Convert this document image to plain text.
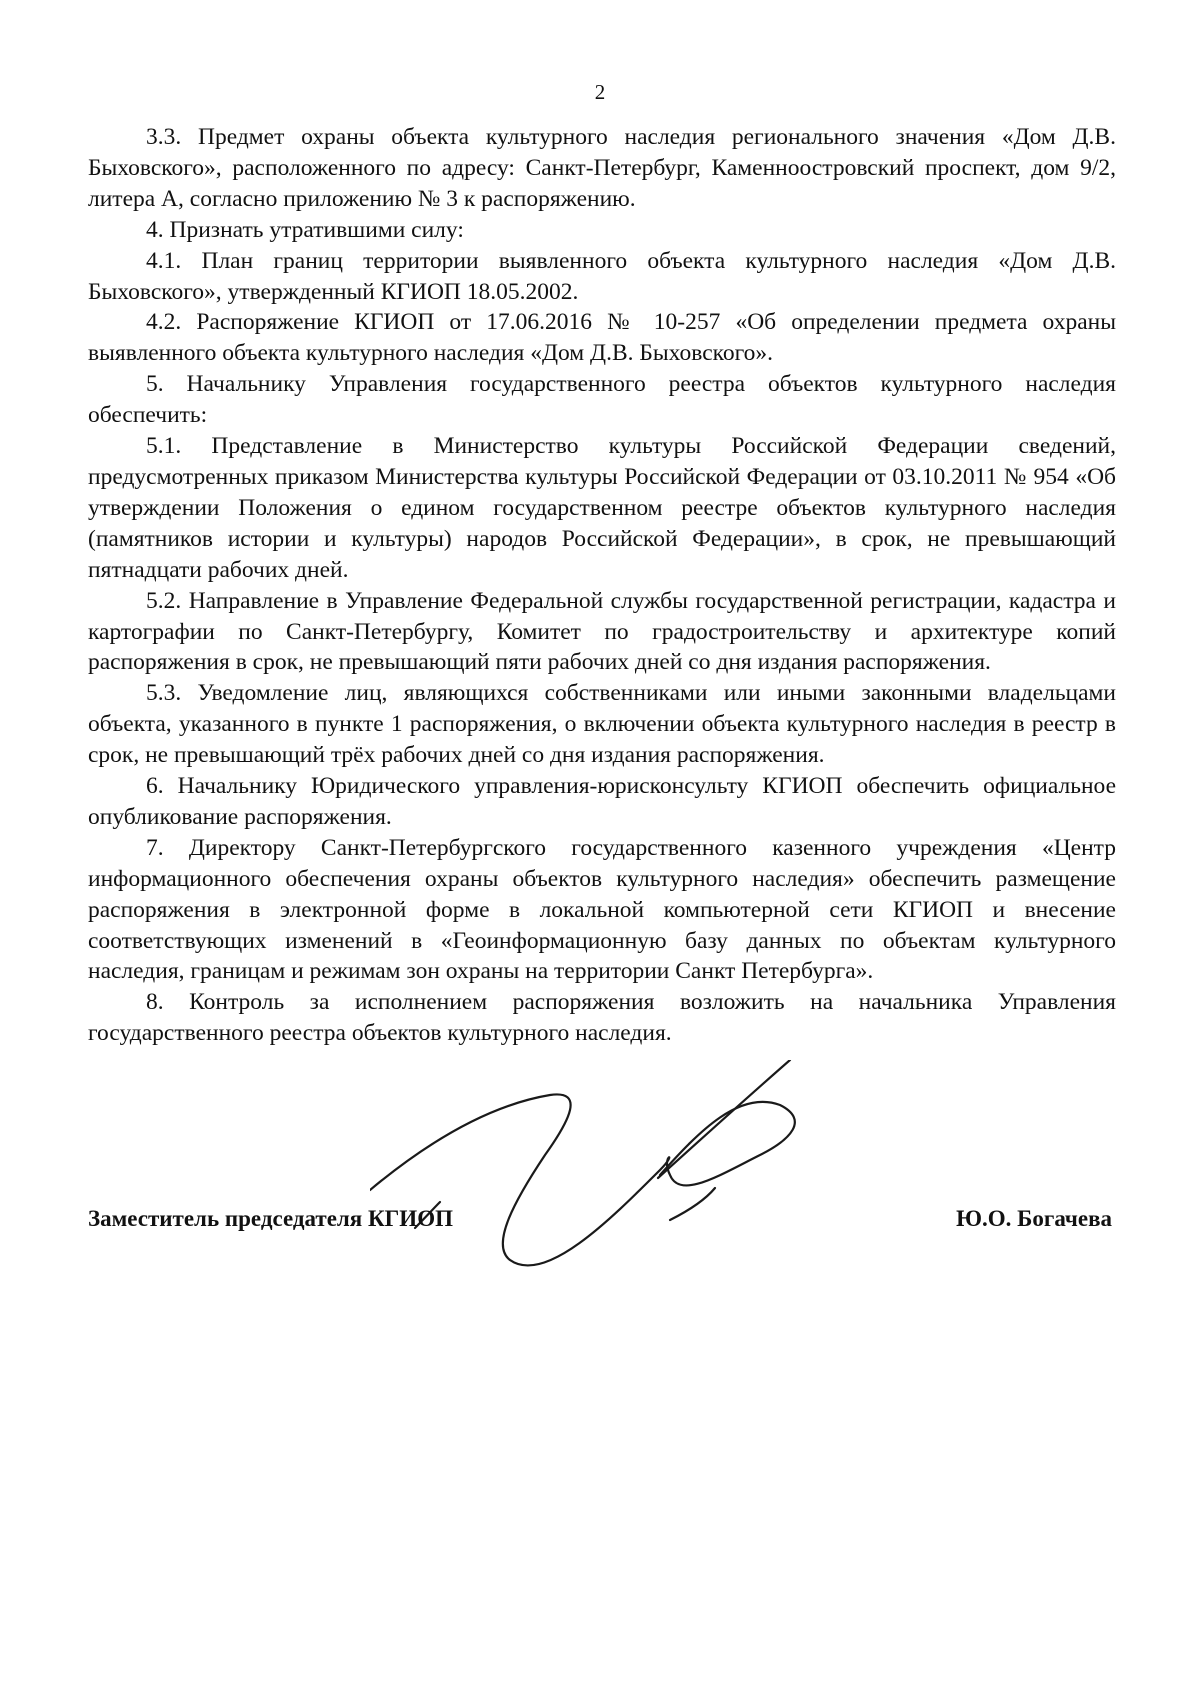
2

3.3. Предмет охраны объекта культурного наследия регионального значения «Дом Д.В. Быховского», расположенного по адресу: Санкт-Петербург, Каменноостровский проспект, дом 9/2, литера А, согласно приложению № 3 к распоряжению.

4. Признать утратившими силу:

4.1. План границ территории выявленного объекта культурного наследия «Дом Д.В. Быховского», утвержденный КГИОП 18.05.2002.

4.2. Распоряжение КГИОП от 17.06.2016 № 10-257 «Об определении предмета охраны выявленного объекта культурного наследия «Дом Д.В. Быховского».

5. Начальнику Управления государственного реестра объектов культурного наследия обеспечить:

5.1. Представление в Министерство культуры Российской Федерации сведений, предусмотренных приказом Министерства культуры Российской Федерации от 03.10.2011 № 954 «Об утверждении Положения о едином государственном реестре объектов культурного наследия (памятников истории и культуры) народов Российской Федерации», в срок, не превышающий пятнадцати рабочих дней.

5.2. Направление в Управление Федеральной службы государственной регистрации, кадастра и картографии по Санкт-Петербургу, Комитет по градостроительству и архитектуре копий распоряжения в срок, не превышающий пяти рабочих дней со дня издания распоряжения.

5.3. Уведомление лиц, являющихся собственниками или иными законными владельцами объекта, указанного в пункте 1 распоряжения, о включении объекта культурного наследия в реестр в срок, не превышающий трёх рабочих дней со дня издания распоряжения.

6. Начальнику Юридического управления-юрисконсульту КГИОП обеспечить официальное опубликование распоряжения.

7. Директору Санкт-Петербургского государственного казенного учреждения «Центр информационного обеспечения охраны объектов культурного наследия» обеспечить размещение распоряжения в электронной форме в локальной компьютерной сети КГИОП и внесение соответствующих изменений в «Геоинформационную базу данных по объектам культурного наследия, границам и режимам зон охраны на территории Санкт Петербурга».

8. Контроль за исполнением распоряжения возложить на начальника Управления государственного реестра объектов культурного наследия.

Заместитель председателя КГИОП	Ю.О. Богачева
